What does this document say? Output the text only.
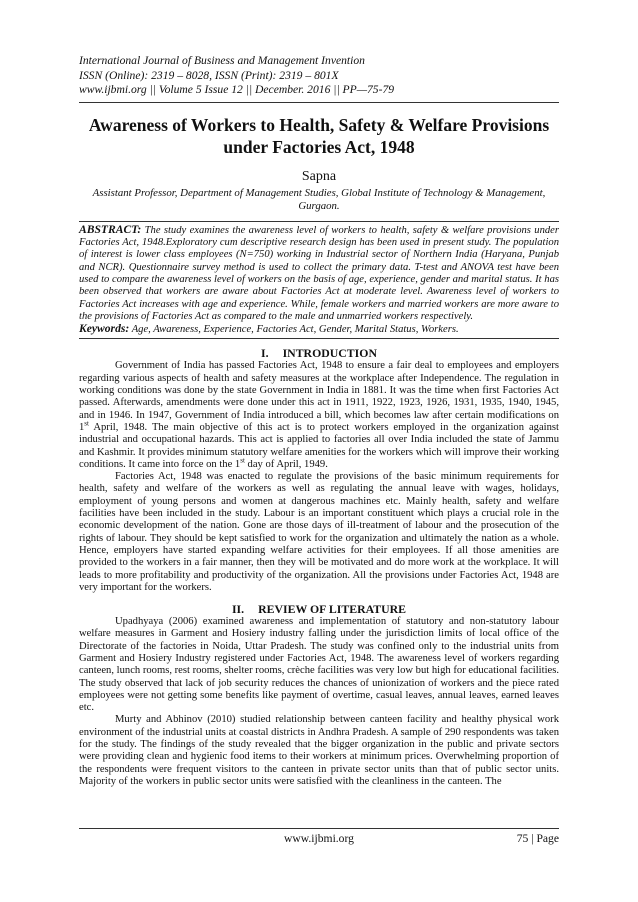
International Journal of Business and Management Invention
ISSN (Online): 2319 – 8028, ISSN (Print): 2319 – 801X
www.ijbmi.org || Volume 5 Issue 12 || December. 2016 || PP—75-79
Awareness of Workers to Health, Safety & Welfare Provisions under Factories Act, 1948
Sapna
Assistant Professor, Department of Management Studies, Global Institute of Technology & Management, Gurgaon.
ABSTRACT: The study examines the awareness level of workers to health, safety & welfare provisions under Factories Act, 1948.Exploratory cum descriptive research design has been used in present study. The population of interest is lower class employees (N=750) working in Industrial sector of Northern India (Haryana, Punjab and NCR). Questionnaire survey method is used to collect the primary data. T-test and ANOVA test have been used to compare the awareness level of workers on the basis of age, experience, gender and marital status. It has been observed that workers are aware about Factories Act at moderate level. Awareness level of workers to Factories Act increases with age and experience. While, female workers and married workers are more aware to the provisions of Factories Act as compared to the male and unmarried workers respectively.
Keywords: Age, Awareness, Experience, Factories Act, Gender, Marital Status, Workers.
I. INTRODUCTION

Government of India has passed Factories Act, 1948 to ensure a fair deal to employees and employers regarding various aspects of health and safety measures at the workplace after Independence. The regulation in working conditions was done by the state Government in India in 1881. It was the time when first Factories Act passed. Afterwards, amendments were done under this act in 1911, 1922, 1923, 1926, 1931, 1935, 1940, 1945, and in 1946. In 1947, Government of India introduced a bill, which becomes law after certain modifications on 1st April, 1948. The main objective of this act is to protect workers employed in the organization against industrial and occupational hazards. This act is applied to factories all over India included the state of Jammu and Kashmir. It provides minimum statutory welfare amenities for the workers which will improve their working conditions. It came into force on the 1st day of April, 1949.

Factories Act, 1948 was enacted to regulate the provisions of the basic minimum requirements for health, safety and welfare of the workers as well as regulating the annual leave with wages, holidays, employment of young persons and women at dangerous machines etc. Mainly health, safety and welfare facilities have been included in the study. Labour is an important constituent which plays a crucial role in the economic development of the nation. Gone are those days of ill-treatment of labour and the prosecution of the rights of labour. They should be kept satisfied to work for the organization and ultimately the nation as a whole. Hence, employers have started expanding welfare activities for their employees. If all those amenities are provided to the workers in a fair manner, then they will be motivated and do more work at the workplace. It will leads to more profitability and productivity of the organization. All the provisions under Factories Act, 1948 are very important for the workers.

II. REVIEW OF LITERATURE

Upadhyaya (2006) examined awareness and implementation of statutory and non-statutory labour welfare measures in Garment and Hosiery industry falling under the jurisdiction limits of local office of the Directorate of the factories in Noida, Uttar Pradesh. The study was confined only to the industrial units from Garment and Hosiery Industry registered under Factories Act, 1948. The awareness level of workers regarding canteen, lunch rooms, rest rooms, shelter rooms, crèche facilities was very low but high for educational facilities. The study observed that lack of job security reduces the chances of unionization of workers and the piece rated employees were not getting some benefits like payment of overtime, casual leaves, annual leaves, earned leaves etc.

Murty and Abhinov (2010) studied relationship between canteen facility and healthy physical work environment of the industrial units at coastal districts in Andhra Pradesh. A sample of 290 respondents was taken for the study. The findings of the study revealed that the bigger organization in the public and private sectors were providing clean and hygienic food items to their workers at minimum prices. Overwhelming proportion of the respondents were frequent visitors to the canteen in private sector units than that of public sector units. Majority of the workers in public sector units were satisfied with the cleanliness in the canteen. The

www.ijbmi.org	75 | Page
